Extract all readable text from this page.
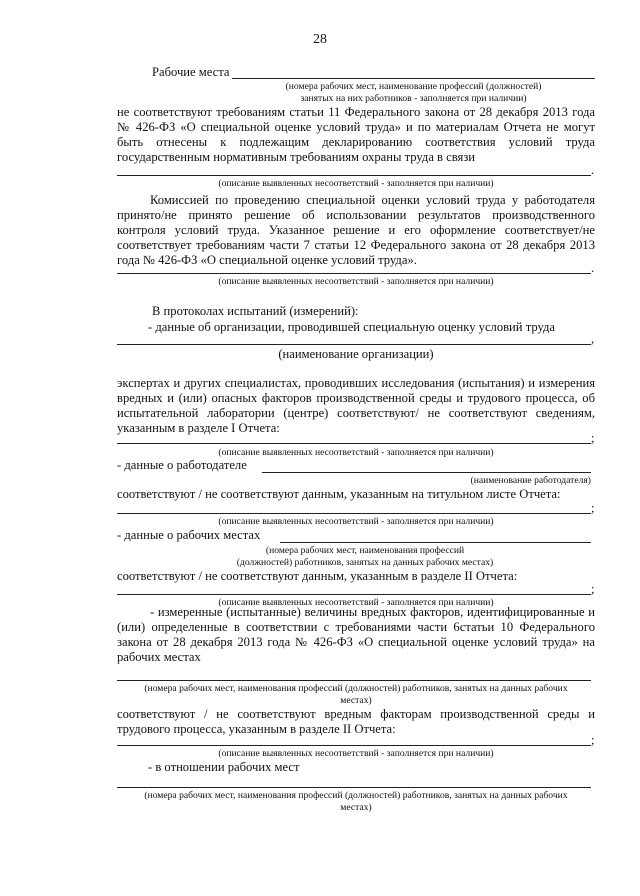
28
Рабочие места
(номера рабочих мест, наименование профессий (должностей)
занятых на них работников - заполняется при наличии)
не соответствуют требованиям статьи 11 Федерального закона от 28 декабря 2013 года № 426-ФЗ «О специальной оценке условий труда» и по материалам Отчета не могут быть отнесены к подлежащим декларированию соответствия условий труда государственным нормативным требованиям охраны труда в связи
.
(описание выявленных несоответствий - заполняется при наличии)
Комиссией по проведению специальной оценки условий труда у работодателя принято/не принято решение об использовании результатов производственного контроля условий труда. Указанное решение и его оформление соответствует/не соответствует требованиям части 7 статьи 12 Федерального закона от 28 декабря 2013 года № 426-ФЗ «О специальной оценке условий труда».
.
(описание выявленных несоответствий - заполняется при наличии)
В протоколах испытаний (измерений):
- данные об организации, проводившей специальную оценку условий труда
,
(наименование организации)
экспертах и других специалистах, проводивших исследования (испытания) и измерения вредных и (или) опасных факторов производственной среды и трудового процесса, об испытательной лаборатории (центре) соответствуют/ не соответствуют сведениям, указанным в разделе I Отчета:
;
(описание выявленных несоответствий - заполняется при наличии)
- данные о работодателе
(наименование работодателя)
соответствуют / не соответствуют данным, указанным на титульном листе Отчета:
;
(описание выявленных несоответствий - заполняется при наличии)
- данные о рабочих местах
(номера рабочих мест, наименования профессий
(должностей) работников, занятых на данных рабочих местах)
соответствуют / не соответствуют данным, указанным в разделе II Отчета:
;
(описание выявленных несоответствий - заполняется при наличии)
- измеренные (испытанные) величины вредных факторов, идентифицированные и (или) определенные в соответствии с требованиями части 6статьи 10 Федерального закона от 28 декабря 2013 года № 426-ФЗ «О специальной оценке условий труда» на рабочих местах
(номера рабочих мест, наименования профессий (должностей) работников, занятых на данных рабочих
местах)
соответствуют / не соответствуют вредным факторам производственной среды и трудового процесса, указанным в разделе II Отчета:
;
(описание выявленных несоответствий - заполняется при наличии)
- в отношении рабочих мест
(номера рабочих мест, наименования профессий (должностей) работников, занятых на данных рабочих
местах)
